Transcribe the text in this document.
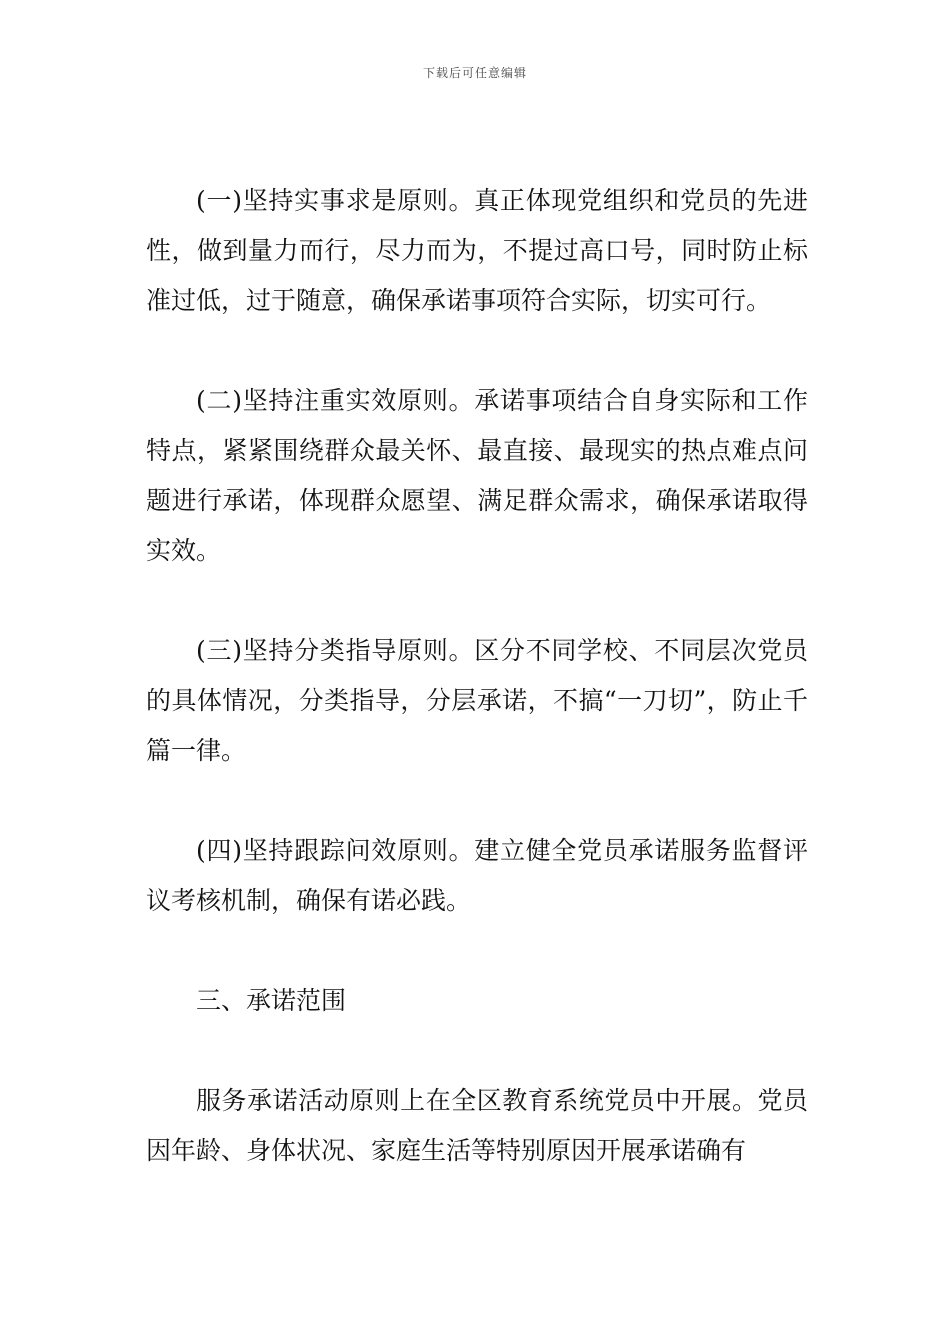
下载后可任意编辑

(一)坚持实事求是原则。真正体现党组织和党员的先进性，做到量力而行，尽力而为，不提过高口号，同时防止标准过低，过于随意，确保承诺事项符合实际，切实可行。

(二)坚持注重实效原则。承诺事项结合自身实际和工作特点，紧紧围绕群众最关怀、最直接、最现实的热点难点问题进行承诺，体现群众愿望、满足群众需求，确保承诺取得实效。

(三)坚持分类指导原则。区分不同学校、不同层次党员的具体情况，分类指导，分层承诺，不搞“一刀切”，防止千篇一律。

(四)坚持跟踪问效原则。建立健全党员承诺服务监督评议考核机制，确保有诺必践。

三、承诺范围

服务承诺活动原则上在全区教育系统党员中开展。党员因年龄、身体状况、家庭生活等特别原因开展承诺确有
